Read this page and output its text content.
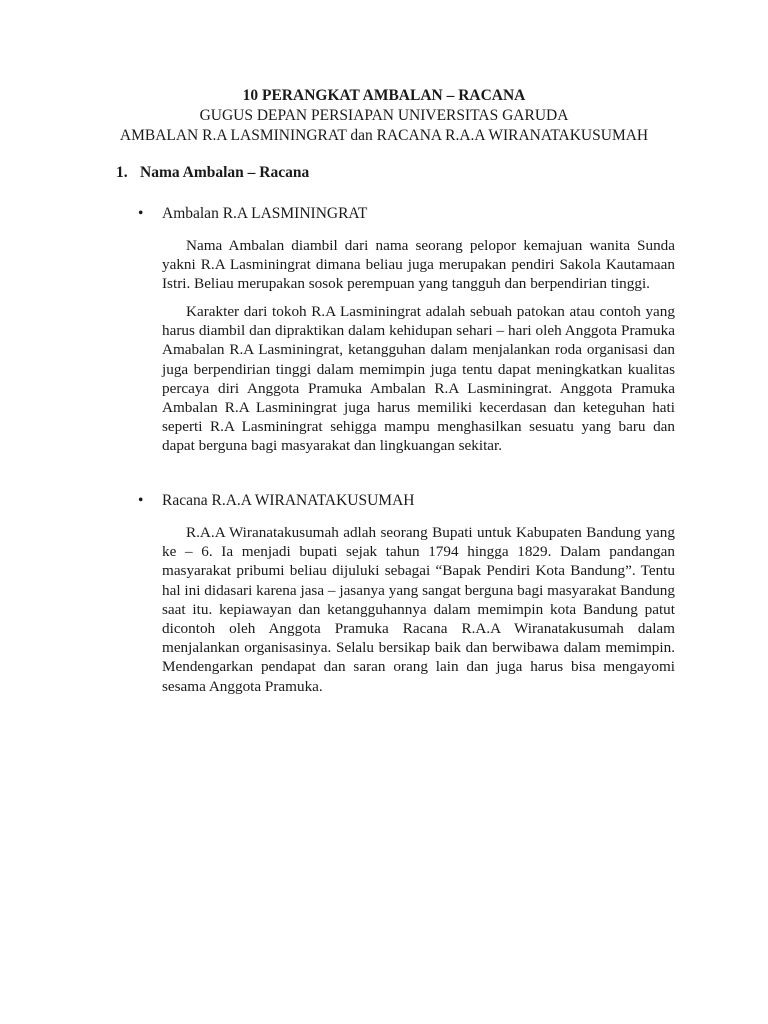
10 PERANGKAT AMBALAN – RACANA
GUGUS DEPAN PERSIAPAN UNIVERSITAS GARUDA
AMBALAN R.A LASMININGRAT dan RACANA R.A.A WIRANATAKUSUMAH
1. Nama Ambalan – Racana
• Ambalan R.A LASMININGRAT

Nama Ambalan diambil dari nama seorang pelopor kemajuan wanita Sunda yakni R.A Lasminingrat dimana beliau juga merupakan pendiri Sakola Kautamaan Istri. Beliau merupakan sosok perempuan yang tangguh dan berpendirian tinggi.

Karakter dari tokoh R.A Lasminingrat adalah sebuah patokan atau contoh yang harus diambil dan dipraktikan dalam kehidupan sehari – hari oleh Anggota Pramuka Amabalan R.A Lasminingrat, ketangguhan dalam menjalankan roda organisasi dan juga berpendirian tinggi dalam memimpin juga tentu dapat meningkatkan kualitas percaya diri Anggota Pramuka Ambalan R.A Lasminingrat. Anggota Pramuka Ambalan R.A Lasminingrat juga harus memiliki kecerdasan dan keteguhan hati seperti R.A Lasminingrat sehigga mampu menghasilkan sesuatu yang baru dan dapat berguna bagi masyarakat dan lingkuangan sekitar.

• Racana R.A.A WIRANATAKUSUMAH

R.A.A Wiranatakusumah adlah seorang Bupati untuk Kabupaten Bandung yang ke – 6. Ia menjadi bupati sejak tahun 1794 hingga 1829. Dalam pandangan masyarakat pribumi beliau dijuluki sebagai “Bapak Pendiri Kota Bandung”. Tentu hal ini didasari karena jasa – jasanya yang sangat berguna bagi masyarakat Bandung saat itu. kepiawayan dan ketangguhannya dalam memimpin kota Bandung patut dicontoh oleh Anggota Pramuka Racana R.A.A Wiranatakusumah dalam menjalankan organisasinya. Selalu bersikap baik dan berwibawa dalam memimpin. Mendengarkan pendapat dan saran orang lain dan juga harus bisa mengayomi sesama Anggota Pramuka.
